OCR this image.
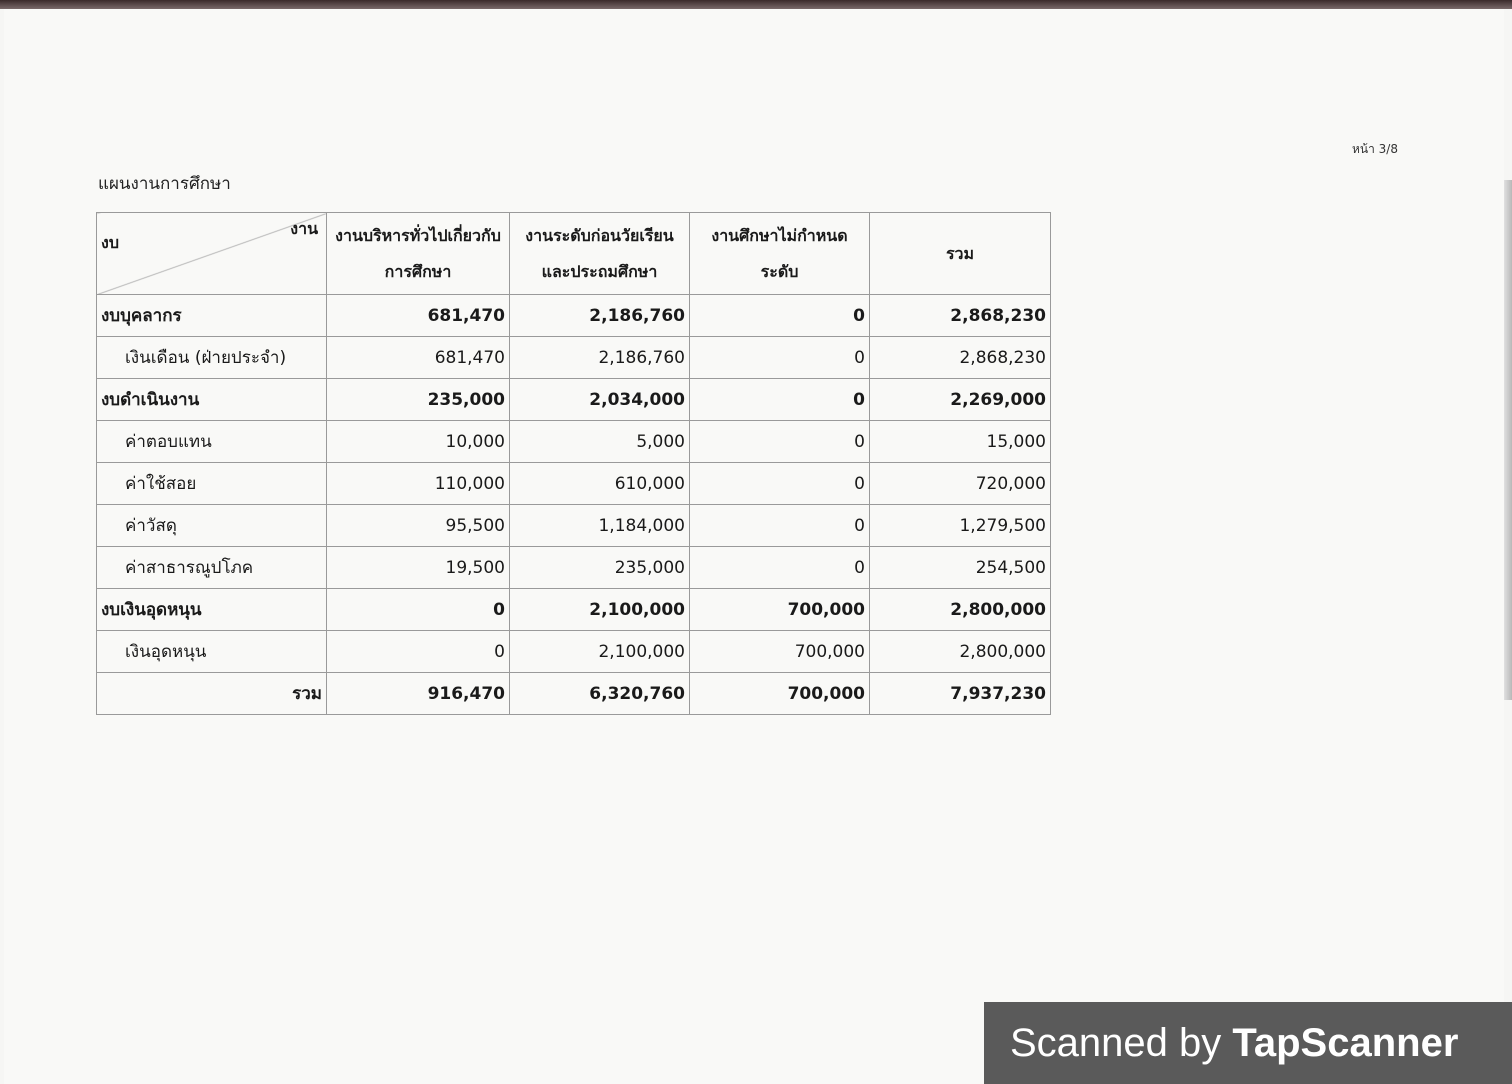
หน้า 3/8
แผนงานการศึกษา
งาน
งบ	งานบริหารทั่วไปเกี่ยวกับการศึกษา	งานระดับก่อนวัยเรียนและประถมศึกษา	งานศึกษาไม่กำหนดระดับ	รวม
งบบุคลากร	681,470	2,186,760	0	2,868,230
เงินเดือน (ฝ่ายประจำ)	681,470	2,186,760	0	2,868,230
งบดำเนินงาน	235,000	2,034,000	0	2,269,000
ค่าตอบแทน	10,000	5,000	0	15,000
ค่าใช้สอย	110,000	610,000	0	720,000
ค่าวัสดุ	95,500	1,184,000	0	1,279,500
ค่าสาธารณูปโภค	19,500	235,000	0	254,500
งบเงินอุดหนุน	0	2,100,000	700,000	2,800,000
เงินอุดหนุน	0	2,100,000	700,000	2,800,000
รวม	916,470	6,320,760	700,000	7,937,230
Scanned by TapScanner
